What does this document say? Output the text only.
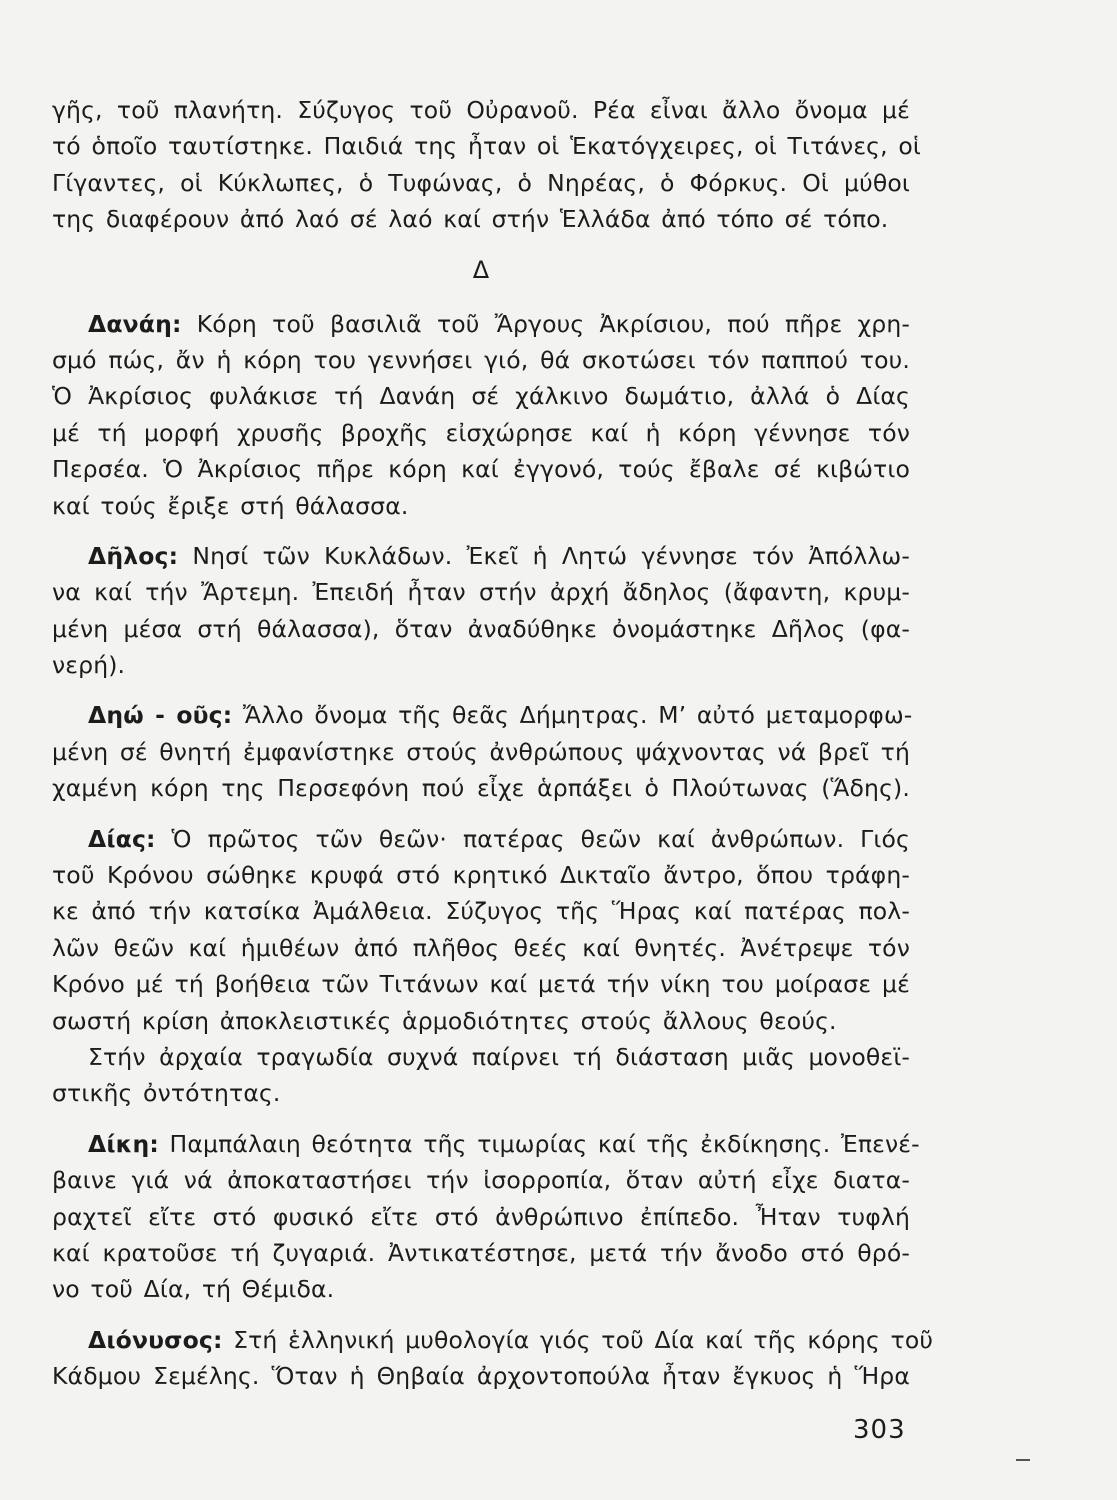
γῆς, τοῦ πλανήτη. Σύζυγος τοῦ Οὐρανοῦ. Ρέα εἶναι ἄλλο ὄνομα μέ
τό ὁποῖο ταυτίστηκε. Παιδιά της ἦταν οἱ Ἑκατόγχειρες, οἱ Τιτάνες, οἱ
Γίγαντες, οἱ Κύκλωπες, ὁ Τυφώνας, ὁ Νηρέας, ὁ Φόρκυς. Οἱ μύθοι
της διαφέρουν ἀπό λαό σέ λαό καί στήν Ἑλλάδα ἀπό τόπο σέ τόπο.
Δ
Δανάη: Κόρη τοῦ βασιλιᾶ τοῦ Ἄργους Ἀκρίσιου, πού πῆρε χρη-
σμό πώς, ἄν ἡ κόρη του γεννήσει γιό, θά σκοτώσει τόν παππού του.
Ὁ Ἀκρίσιος φυλάκισε τή Δανάη σέ χάλκινο δωμάτιο, ἀλλά ὁ Δίας
μέ τή μορφή χρυσῆς βροχῆς εἰσχώρησε καί ἡ κόρη γέννησε τόν
Περσέα. Ὁ Ἀκρίσιος πῆρε κόρη καί ἐγγονό, τούς ἔβαλε σέ κιβώτιο
καί τούς ἔριξε στή θάλασσα.
Δῆλος: Νησί τῶν Κυκλάδων. Ἐκεῖ ἡ Λητώ γέννησε τόν Ἀπόλλω-
να καί τήν Ἄρτεμη. Ἐπειδή ἦταν στήν ἀρχή ἄδηλος (ἄφαντη, κρυμ-
μένη μέσα στή θάλασσα), ὅταν ἀναδύθηκε ὀνομάστηκε Δῆλος (φα-
νερή).
Δηώ - οῦς: Ἄλλο ὄνομα τῆς θεᾶς Δήμητρας. Μ’ αὐτό μεταμορφω-
μένη σέ θνητή ἐμφανίστηκε στούς ἀνθρώπους ψάχνοντας νά βρεῖ τή
χαμένη κόρη της Περσεφόνη πού εἶχε ἁρπάξει ὁ Πλούτωνας (Ἅδης).
Δίας: Ὁ πρῶτος τῶν θεῶν· πατέρας θεῶν καί ἀνθρώπων. Γιός
τοῦ Κρόνου σώθηκε κρυφά στό κρητικό Δικταῖο ἄντρο, ὅπου τράφη-
κε ἀπό τήν κατσίκα Ἀμάλθεια. Σύζυγος τῆς Ἥρας καί πατέρας πολ-
λῶν θεῶν καί ἡμιθέων ἀπό πλῆθος θεές καί θνητές. Ἀνέτρεψε τόν
Κρόνο μέ τή βοήθεια τῶν Τιτάνων καί μετά τήν νίκη του μοίρασε μέ
σωστή κρίση ἀποκλειστικές ἁρμοδιότητες στούς ἄλλους θεούς.
Στήν ἀρχαία τραγωδία συχνά παίρνει τή διάσταση μιᾶς μονοθεϊ-
στικῆς ὀντότητας.
Δίκη: Παμπάλαιη θεότητα τῆς τιμωρίας καί τῆς ἐκδίκησης. Ἐπενέ-
βαινε γιά νά ἀποκαταστήσει τήν ἰσορροπία, ὅταν αὐτή εἶχε διατα-
ραχτεῖ εἴτε στό φυσικό εἴτε στό ἀνθρώπινο ἐπίπεδο. Ἦταν τυφλή
καί κρατοῦσε τή ζυγαριά. Ἀντικατέστησε, μετά τήν ἄνοδο στό θρό-
νο τοῦ Δία, τή Θέμιδα.
Διόνυσος: Στή ἑλληνική μυθολογία γιός τοῦ Δία καί τῆς κόρης τοῦ
Κάδμου Σεμέλης. Ὅταν ἡ Θηβαία ἀρχοντοπούλα ἦταν ἔγκυος ἡ Ἥρα
303
